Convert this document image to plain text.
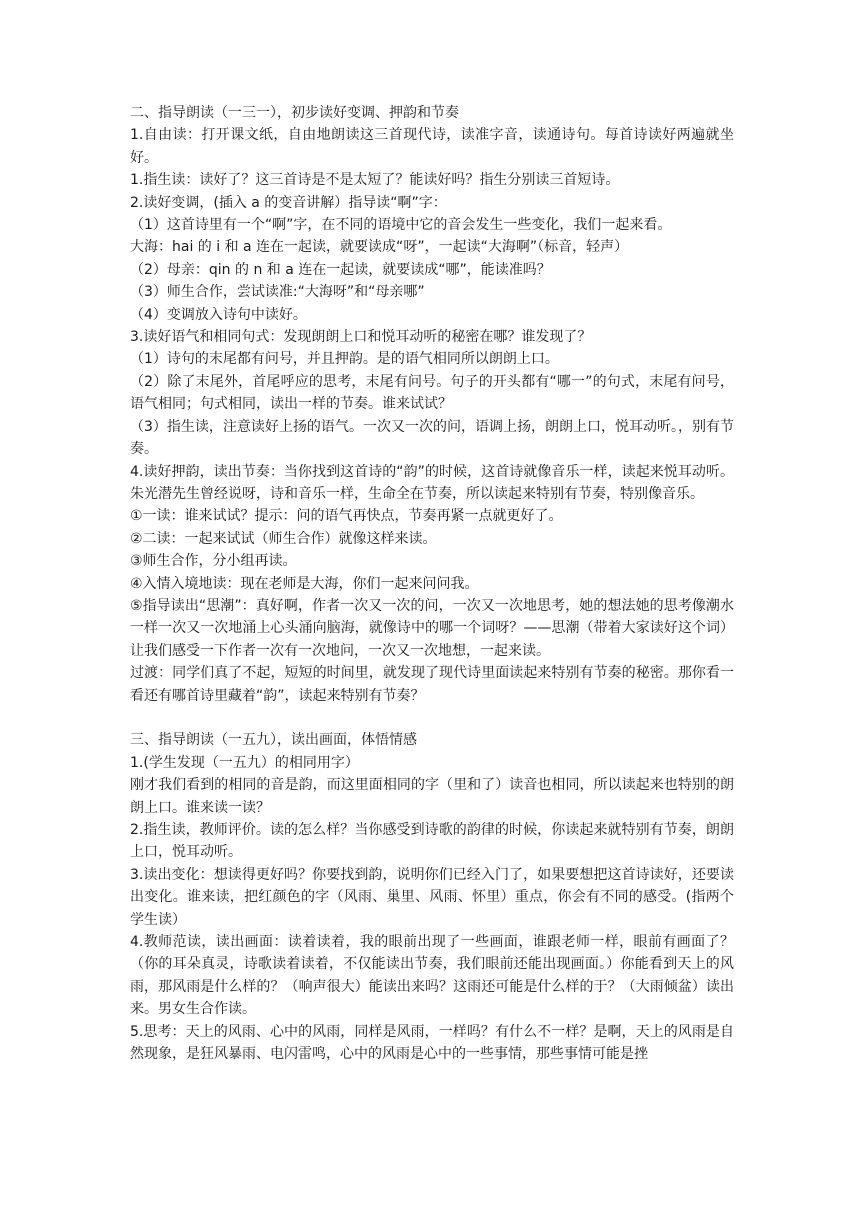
二、指导朗读（一三一），初步读好变调、押韵和节奏

1.自由读：打开课文纸，自由地朗读这三首现代诗，读准字音，读通诗句。每首诗读好两遍就坐好。

1.指生读：读好了？这三首诗是不是太短了？能读好吗？指生分别读三首短诗。

2.读好变调，(插入 a 的变音讲解）指导读“啊”字：

（1）这首诗里有一个“啊”字，在不同的语境中它的音会发生一些变化，我们一起来看。

大海：hai 的 i 和 a 连在一起读，就要读成“呀”，一起读“大海啊”（标音，轻声）

（2）母亲：qin 的 n 和 a 连在一起读，就要读成“哪”，能读准吗？

（3）师生合作，尝试读准:“大海呀”和“母亲哪”

（4）变调放入诗句中读好。

3.读好语气和相同句式：发现朗朗上口和悦耳动听的秘密在哪？谁发现了？

（1）诗句的末尾都有问号，并且押韵。是的语气相同所以朗朗上口。

（2）除了末尾外，首尾呼应的思考，末尾有问号。句子的开头都有“哪一”的句式，末尾有问号，语气相同；句式相同，读出一样的节奏。谁来试试？

（3）指生读，注意读好上扬的语气。一次又一次的问，语调上扬，朗朗上口，悦耳动听。，别有节奏。

4.读好押韵，读出节奏：当你找到这首诗的“韵”的时候，这首诗就像音乐一样，读起来悦耳动听。朱光潜先生曾经说呀，诗和音乐一样，生命全在节奏，所以读起来特别有节奏，特别像音乐。

①一读：谁来试试？提示：问的语气再快点，节奏再紧一点就更好了。

②二读：一起来试试（师生合作）就像这样来读。

③师生合作，分小组再读。

④入情入境地读：现在老师是大海，你们一起来问问我。

⑤指导读出“思潮”：真好啊，作者一次又一次的问，一次又一次地思考，她的想法她的思考像潮水一样一次又一次地涌上心头涌向脑海，就像诗中的哪一个词呀？——思潮（带着大家读好这个词）让我们感受一下作者一次有一次地问，一次又一次地想，一起来读。

过渡：同学们真了不起，短短的时间里，就发现了现代诗里面读起来特别有节奏的秘密。那你看一看还有哪首诗里藏着“韵”，读起来特别有节奏？

三、指导朗读（一五九），读出画面，体悟情感

1.(学生发现（一五九）的相同用字）

刚才我们看到的相同的音是韵，而这里面相同的字（里和了）读音也相同，所以读起来也特别的朗朗上口。谁来读一读？

2.指生读，教师评价。读的怎么样？当你感受到诗歌的韵律的时候，你读起来就特别有节奏，朗朗上口，悦耳动听。

3.读出变化：想读得更好吗？你要找到韵，说明你们已经入门了，如果要想把这首诗读好，还要读出变化。谁来读，把红颜色的字（风雨、巢里、风雨、怀里）重点，你会有不同的感受。(指两个学生读）

4.教师范读，读出画面：读着读着，我的眼前出现了一些画面，谁跟老师一样，眼前有画面了？（你的耳朵真灵，诗歌读着读着，不仅能读出节奏，我们眼前还能出现画面。）你能看到天上的风雨，那风雨是什么样的？（响声很大）能读出来吗？这雨还可能是什么样的于？（大雨倾盆）读出来。男女生合作读。

5.思考：天上的风雨、心中的风雨，同样是风雨，一样吗？有什么不一样？是啊，天上的风雨是自然现象，是狂风暴雨、电闪雷鸣，心中的风雨是心中的一些事情，那些事情可能是挫
